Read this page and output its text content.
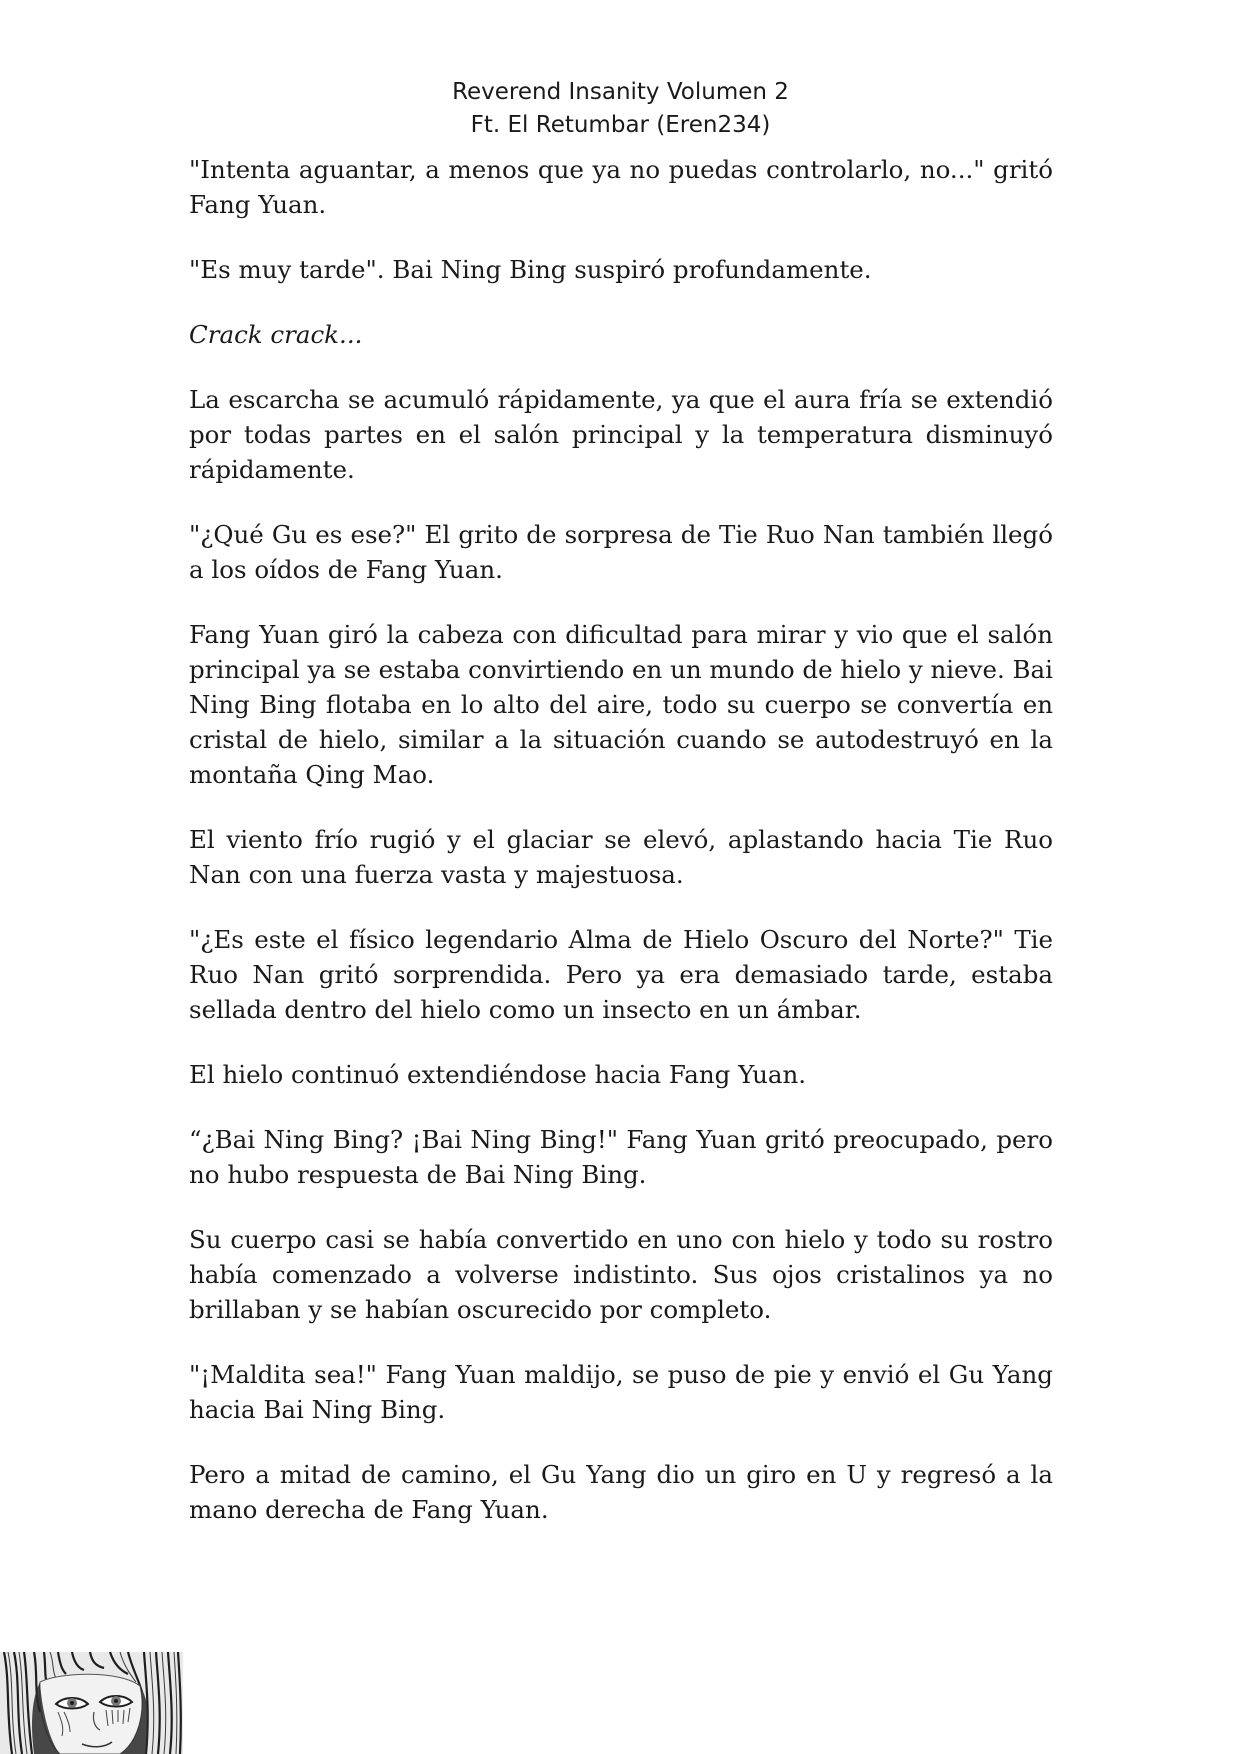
Reverend Insanity Volumen 2
Ft. El Retumbar (Eren234)

"Intenta aguantar, a menos que ya no puedas controlarlo, no..." gritó Fang Yuan.

"Es muy tarde". Bai Ning Bing suspiró profundamente.

Crack crack...

La escarcha se acumuló rápidamente, ya que el aura fría se extendió por todas partes en el salón principal y la temperatura disminuyó rápidamente.

"¿Qué Gu es ese?" El grito de sorpresa de Tie Ruo Nan también llegó a los oídos de Fang Yuan.

Fang Yuan giró la cabeza con dificultad para mirar y vio que el salón principal ya se estaba convirtiendo en un mundo de hielo y nieve. Bai Ning Bing flotaba en lo alto del aire, todo su cuerpo se convertía en cristal de hielo, similar a la situación cuando se autodestruyó en la montaña Qing Mao.

El viento frío rugió y el glaciar se elevó, aplastando hacia Tie Ruo Nan con una fuerza vasta y majestuosa.

"¿Es este el físico legendario Alma de Hielo Oscuro del Norte?" Tie Ruo Nan gritó sorprendida. Pero ya era demasiado tarde, estaba sellada dentro del hielo como un insecto en un ámbar.

El hielo continuó extendiéndose hacia Fang Yuan.

“¿Bai Ning Bing? ¡Bai Ning Bing!" Fang Yuan gritó preocupado, pero no hubo respuesta de Bai Ning Bing.

Su cuerpo casi se había convertido en uno con hielo y todo su rostro había comenzado a volverse indistinto. Sus ojos cristalinos ya no brillaban y se habían oscurecido por completo.

"¡Maldita sea!" Fang Yuan maldijo, se puso de pie y envió el Gu Yang hacia Bai Ning Bing.

Pero a mitad de camino, el Gu Yang dio un giro en U y regresó a la mano derecha de Fang Yuan.
